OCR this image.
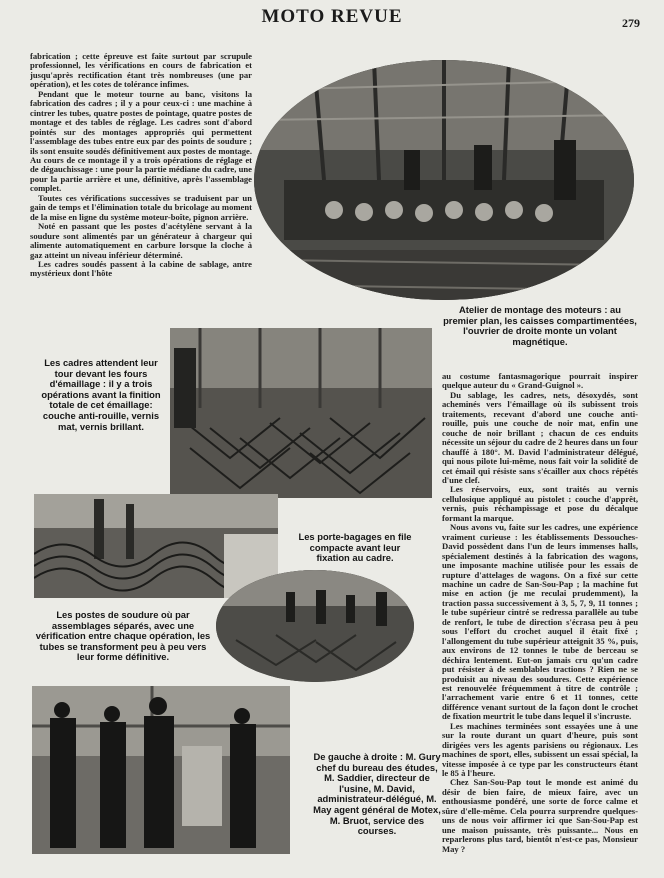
MOTO REVUE	279

fabrication ; cette épreuve est faite surtout par scrupule professionnel, les vérifications en cours de fabrication et jusqu'après rectification étant très nombreuses (une par opération), et les cotes de tolérance infimes.

Pendant que le moteur tourne au banc, visitons la fabrication des cadres ; il y a pour ceux-ci : une machine à cintrer les tubes, quatre postes de pointage, quatre postes de montage et des tables de réglage. Les cadres sont d'abord pointés sur des montages appropriés qui permettent l'assemblage des tubes entre eux par des points de soudure ; ils sont ensuite soudés définitivement aux postes de montage. Au cours de ce montage il y a trois opérations de réglage et de dégauchissage : une pour la partie médiane du cadre, une pour la partie arrière et une, définitive, après l'assemblage complet.

Toutes ces vérifications successives se traduisent par un gain de temps et l'élimination totale du bricolage au moment de la mise en ligne du système moteur-boîte, pignon arrière.

Noté en passant que les postes d'acétylène servant à la soudure sont alimentés par un générateur à chargeur qui alimente automatiquement en carbure lorsque la cloche à gaz atteint un niveau inférieur déterminé.

Les cadres soudés passent à la cabine de sablage, antre mystérieux dont l'hôte

Atelier de montage des moteurs : au premier plan, les caisses compartimentées, l'ouvrier de droite monte un volant magnétique.
Les cadres attendent leur tour devant les fours d'émaillage : il y a trois opérations avant la finition totale de cet émaillage: couche anti-rouille, vernis mat, vernis brillant.
Les porte-bagages en file compacte avant leur fixation au cadre.
Les postes de soudure où par assemblages séparés, avec une vérification entre chaque opération, les tubes se transforment peu à peu vers leur forme définitive.
De gauche à droite : M. Gury chef du bureau des études, M. Saddier, directeur de l'usine, M. David, administrateur-délégué, M. May agent général de Motex, M. Bruot, service des courses.

au costume fantasmagorique pourrait inspirer quelque auteur du « Grand-Guignol ».

Du sablage, les cadres, nets, désoxydés, sont acheminés vers l'émaillage où ils subissent trois traitements, recevant d'abord une couche anti-rouille, puis une couche de noir mat, enfin une couche de noir brillant ; chacun de ces enduits nécessite un séjour du cadre de 2 heures dans un four chauffé à 180°. M. David l'administrateur délégué, qui nous pilote lui-même, nous fait voir la solidité de cet émail qui résiste sans s'écailler aux chocs répétés d'une clef.

Les réservoirs, eux, sont traités au vernis cellulosique appliqué au pistolet : couche d'apprêt, vernis, puis réchampissage et pose du décalque formant la marque.

Nous avons vu, faite sur les cadres, une expérience vraiment curieuse : les établissements Dessouches-David possèdent dans l'un de leurs immenses halls, spécialement destinés à la fabrication des wagons, une imposante machine utilisée pour les essais de rupture d'attelages de wagons. On a fixé sur cette machine un cadre de San-Sou-Pap ; la machine fut mise en action (je me reculai prudemment), la traction passa successivement à 3, 5, 7, 9, 11 tonnes ; le tube supérieur cintré se redressa parallèle au tube de renfort, le tube de direction s'écrasa peu à peu sous l'effort du crochet auquel il était fixé ; l'allongement du tube supérieur atteignit 35 %, puis, aux environs de 12 tonnes le tube de berceau se déchira lentement. Eut-on jamais cru qu'un cadre put résister à de semblables tractions ? Rien ne se produisit au niveau des soudures. Cette expérience est renouvelée fréquemment à titre de contrôle ; l'arrachement varie entre 6 et 11 tonnes, cette différence venant surtout de la façon dont le crochet de fixation meurtrit le tube dans lequel il s'incruste.

Les machines terminées sont essayées une à une sur la route durant un quart d'heure, puis sont dirigées vers les agents parisiens ou régionaux. Les machines de sport, elles, subissent un essai spécial, la vitesse imposée à ce type par les constructeurs étant le 85 à l'heure.

Chez San-Sou-Pap tout le monde est animé du désir de bien faire, de mieux faire, avec un enthousiasme pondéré, une sorte de force calme et sûre d'elle-même. Cela pourra surprendre quelques-uns de nous voir affirmer ici que San-Sou-Pap est une maison puissante, très puissante... Nous en reparlerons plus tard, bientôt n'est-ce pas, Monsieur May ?
